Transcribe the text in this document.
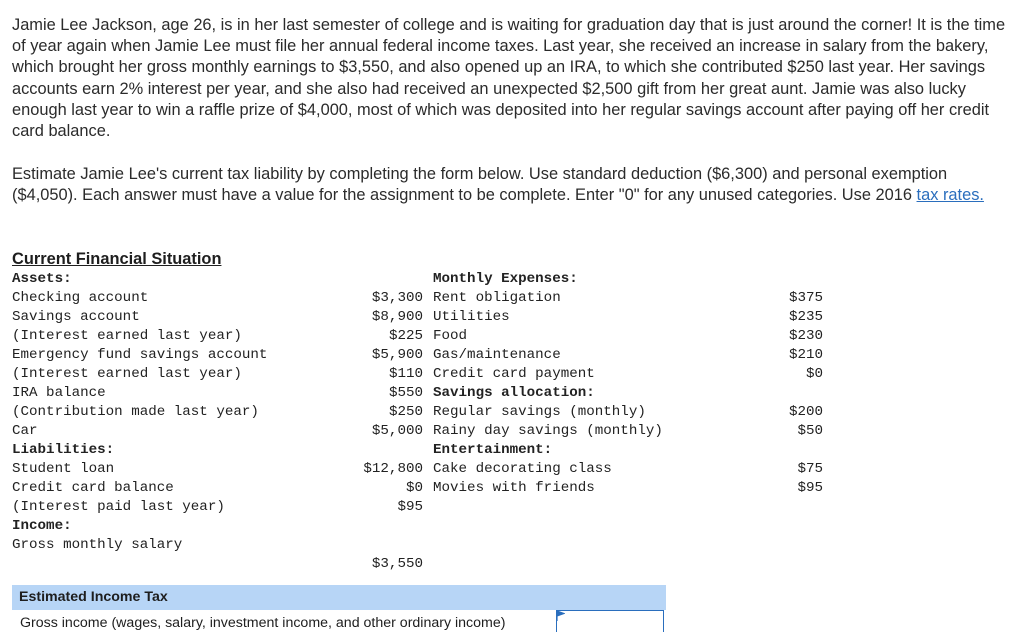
Jamie Lee Jackson, age 26, is in her last semester of college and is waiting for graduation day that is just around the corner! It is the time of year again when Jamie Lee must file her annual federal income taxes. Last year, she received an increase in salary from the bakery, which brought her gross monthly earnings to $3,550, and also opened up an IRA, to which she contributed $250 last year. Her savings accounts earn 2% interest per year, and she also had received an unexpected $2,500 gift from her great aunt. Jamie was also lucky enough last year to win a raffle prize of $4,000, most of which was deposited into her regular savings account after paying off her credit card balance.

Estimate Jamie Lee's current tax liability by completing the form below. Use standard deduction ($6,300) and personal exemption ($4,050). Each answer must have a value for the assignment to be complete. Enter "0" for any unused categories. Use 2016 tax rates.

Current Financial Situation
Assets:
Checking account
Savings account
(Interest earned last year)
Emergency fund savings account
(Interest earned last year)
IRA balance
(Contribution made last year)
Car
Liabilities:
Student loan
Credit card balance
(Interest paid last year)
Income:
Gross monthly salary
$3,300
$8,900
$225
$5,900
$110
$550
$250
$5,000
$12,800
$0
$95
$3,550
Monthly Expenses:
Rent obligation
Utilities
Food
Gas/maintenance
Credit card payment
Savings allocation:
Regular savings (monthly)
Rainy day savings (monthly)
Entertainment:
Cake decorating class
Movies with friends
$375
$235
$230
$210
$0
$200
$50
$75
$95
Estimated Income Tax
Gross income (wages, salary, investment income, and other ordinary income)
